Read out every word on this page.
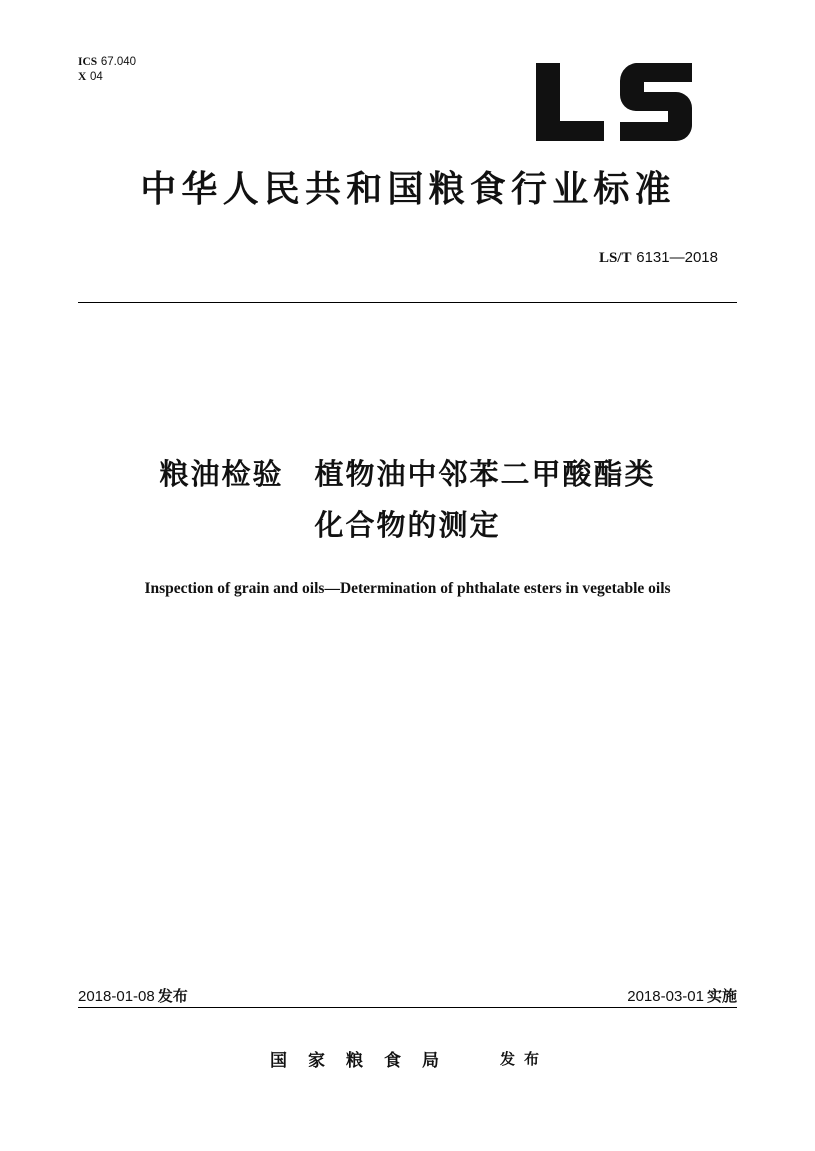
ICS 67.040
X 04
中华人民共和国粮食行业标准
LS/T 6131—2018
粮油检验　植物油中邻苯二甲酸酯类
化合物的测定
Inspection of grain and oils—Determination of phthalate esters in vegetable oils
2018-01-08 发布	2018-03-01 实施
国家粮食局	发布
